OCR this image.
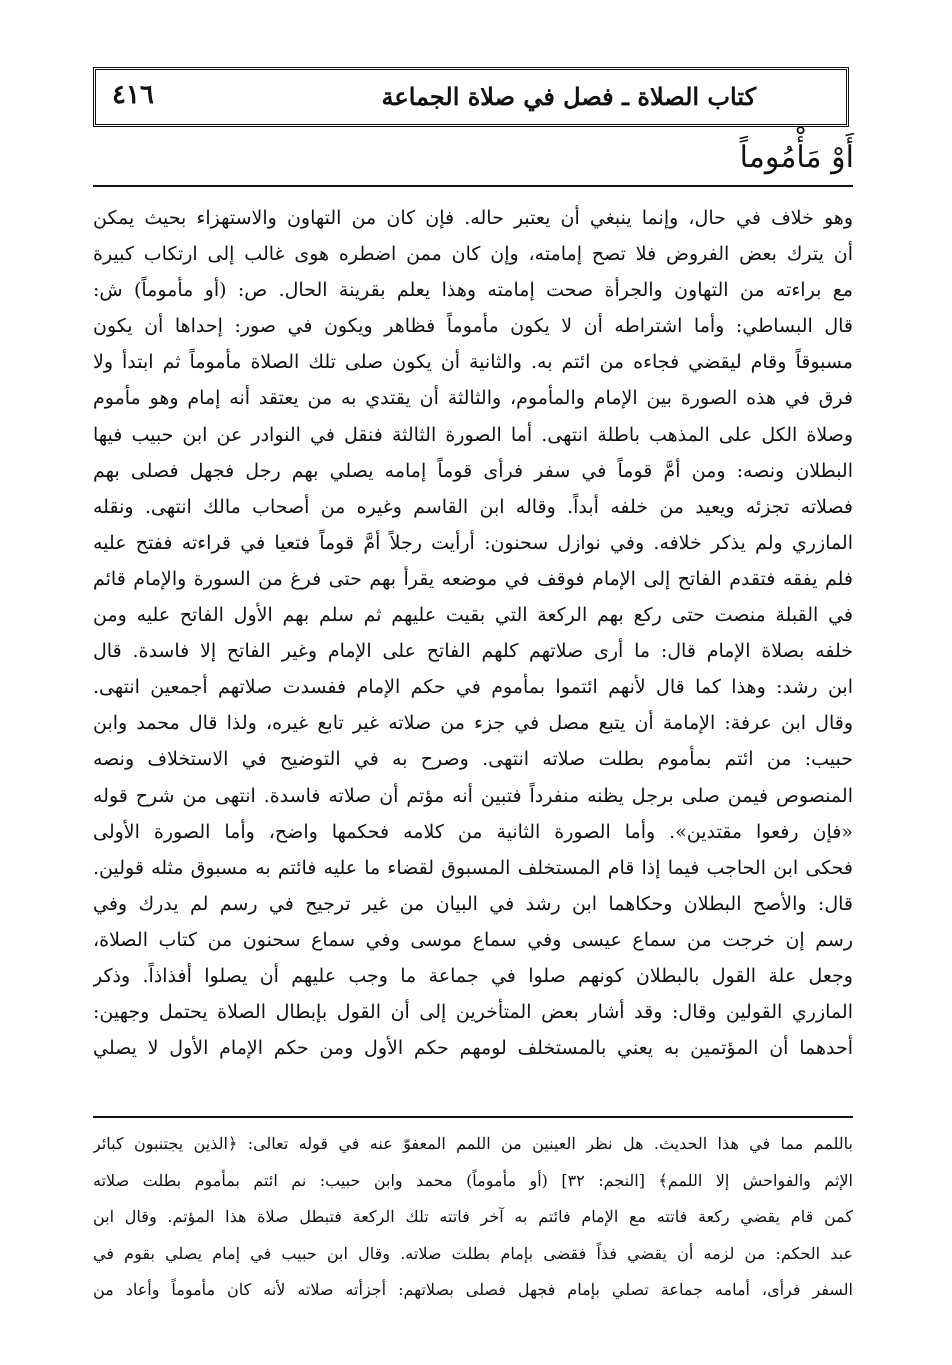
٤١٦	كتاب الصلاة ـ فصل في صلاة الجماعة
أَوْ مَأْمُوماً
وهو خلاف في حال، وإنما ينبغي أن يعتبر حاله. فإن كان من التهاون والاستهزاء بحيث يمكن
أن يترك بعض الفروض فلا تصح إمامته، وإن كان ممن اضطره هوى غالب إلى ارتكاب كبيرة
مع براءته من التهاون والجرأة صحت إمامته وهذا يعلم بقرينة الحال. ص: (أو مأموماً) ش:
قال البساطي: وأما اشتراطه أن لا يكون مأموماً فظاهر ويكون في صور: إحداها أن يكون
مسبوقاً وقام ليقضي فجاءه من ائتم به. والثانية أن يكون صلى تلك الصلاة مأموماً ثم ابتدأ ولا
فرق في هذه الصورة بين الإمام والمأموم، والثالثة أن يقتدي به من يعتقد أنه إمام وهو مأموم
وصلاة الكل على المذهب باطلة انتهى. أما الصورة الثالثة فنقل في النوادر عن ابن حبيب فيها
البطلان ونصه: ومن أمَّ قوماً في سفر فرأى قوماً إمامه يصلي بهم رجل فجهل فصلى بهم
فصلاته تجزئه ويعيد من خلفه أبداً. وقاله ابن القاسم وغيره من أصحاب مالك انتهى. ونقله
المازري ولم يذكر خلافه. وفي نوازل سحنون: أرأيت رجلاً أمَّ قوماً فتعيا في قراءته ففتح عليه
فلم يفقه فتقدم الفاتح إلى الإمام فوقف في موضعه يقرأ بهم حتى فرغ من السورة والإمام قائم
في القبلة منصت حتى ركع بهم الركعة التي بقيت عليهم ثم سلم بهم الأول الفاتح عليه ومن
خلفه بصلاة الإمام قال: ما أرى صلاتهم كلهم الفاتح على الإمام وغير الفاتح إلا فاسدة. قال
ابن رشد: وهذا كما قال لأنهم ائتموا بمأموم في حكم الإمام ففسدت صلاتهم أجمعين انتهى.
وقال ابن عرفة: الإمامة أن يتبع مصل في جزء من صلاته غير تابع غيره، ولذا قال محمد وابن
حبيب: من ائتم بمأموم بطلت صلاته انتهى. وصرح به في التوضيح في الاستخلاف ونصه
المنصوص فيمن صلى برجل يظنه منفرداً فتبين أنه مؤتم أن صلاته فاسدة. انتهى من شرح قوله
«فإن رفعوا مقتدين». وأما الصورة الثانية من كلامه فحكمها واضح، وأما الصورة الأولى
فحكى ابن الحاجب فيما إذا قام المستخلف المسبوق لقضاء ما عليه فائتم به مسبوق مثله قولين.
قال: والأصح البطلان وحكاهما ابن رشد في البيان من غير ترجيح في رسم لم يدرك وفي
رسم إن خرجت من سماع عيسى وفي سماع موسى وفي سماع سحنون من كتاب الصلاة،
وجعل علة القول بالبطلان كونهم صلوا في جماعة ما وجب عليهم أن يصلوا أفذاذاً. وذكر
المازري القولين وقال: وقد أشار بعض المتأخرين إلى أن القول بإبطال الصلاة يحتمل وجهين:
أحدهما أن المؤتمين به يعني بالمستخلف لومهم حكم الأول ومن حكم الإمام الأول لا يصلي
باللمم مما في هذا الحديث. هل نظر العينين من اللمم المعفوّ عنه في قوله تعالى: ﴿الذين يجتنبون كبائر
الإثم والفواحش إلا اللمم﴾ [النجم: ٣٢] (أو مأموماً) محمد وابن حبيب: نم ائتم بمأموم بطلت صلاته
كمن قام يقضي ركعة فاتته مع الإمام فائتم به آخر فاتته تلك الركعة فتبطل صلاة هذا المؤتم. وقال ابن
عبد الحكم: من لزمه أن يقضي فذاً فقضى بإمام بطلت صلاته. وقال ابن حبيب في إمام يصلي بقوم في
السفر فرأى، أمامه جماعة تصلي بإمام فجهل فصلى بصلاتهم: أجزأته صلاته لأنه كان مأموماً وأعاد من
